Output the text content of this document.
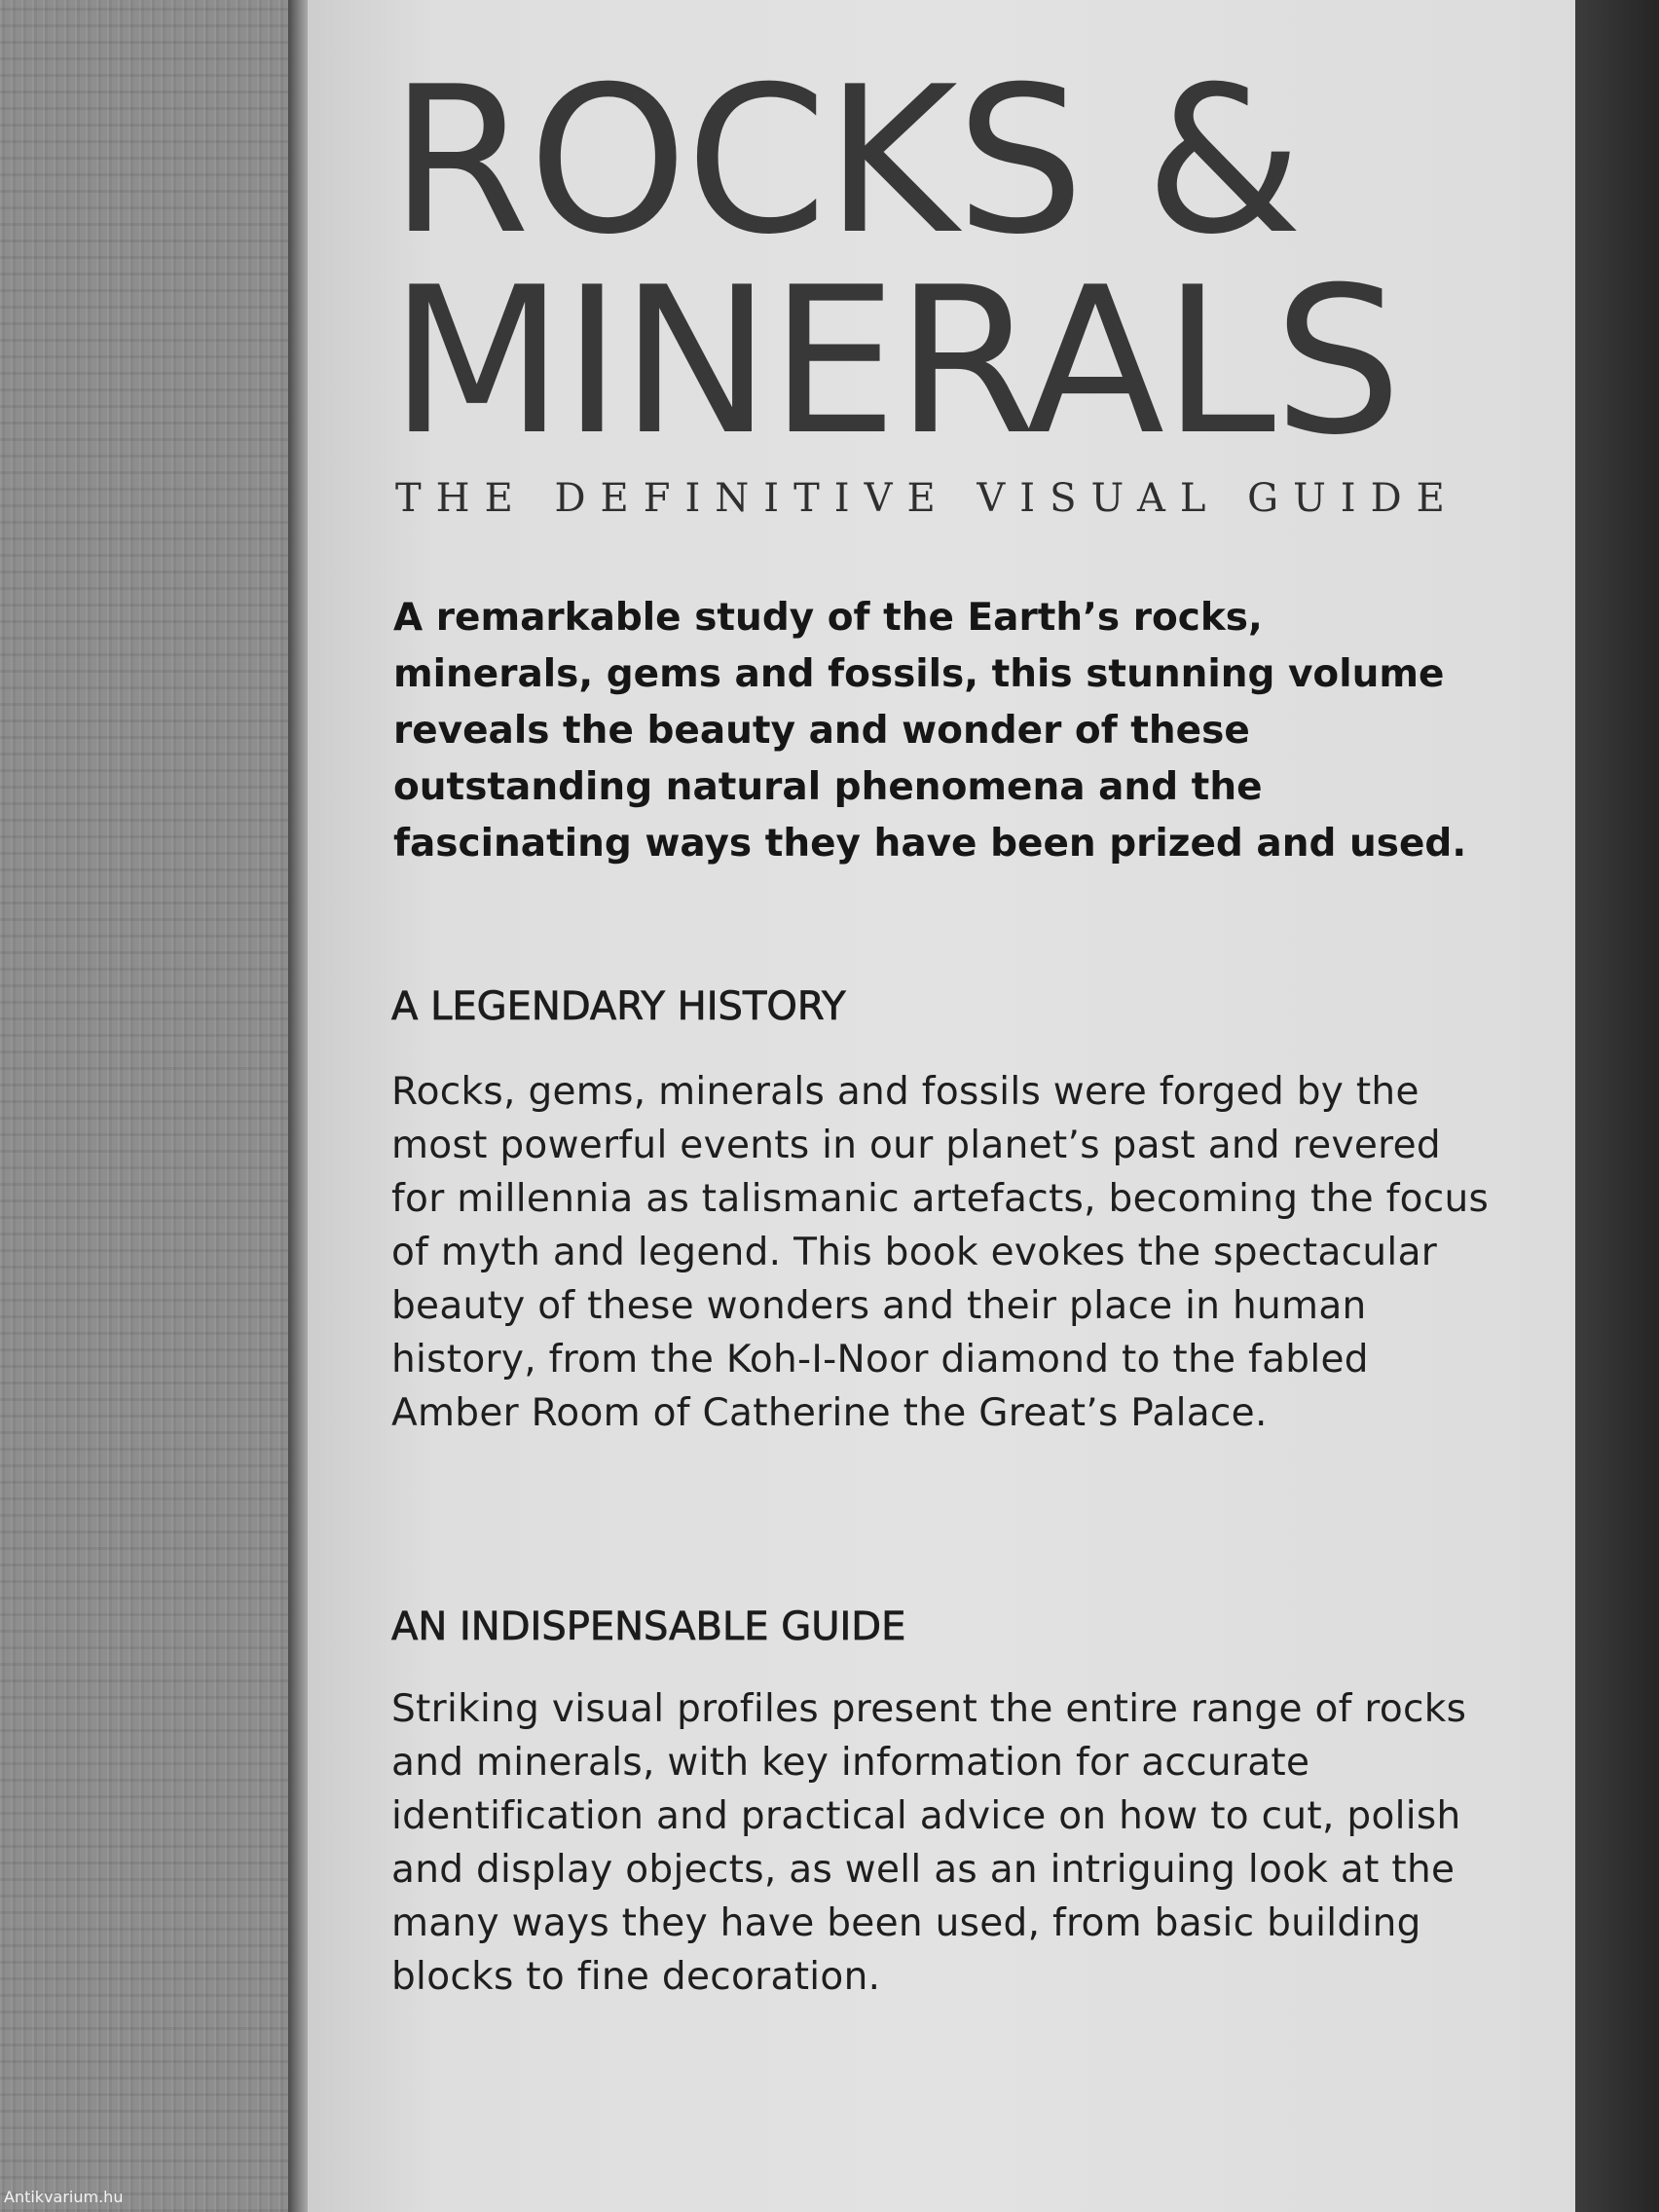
ROCKS &
MINERALS

THE DEFINITIVE VISUAL GUIDE

A remarkable study of the Earth’s rocks, minerals, gems and fossils, this stunning volume reveals the beauty and wonder of these outstanding natural phenomena and the fascinating ways they have been prized and used.

A LEGENDARY HISTORY

Rocks, gems, minerals and fossils were forged by the most powerful events in our planet’s past and revered for millennia as talismanic artefacts, becoming the focus of myth and legend. This book evokes the spectacular beauty of these wonders and their place in human history, from the Koh-I-Noor diamond to the fabled Amber Room of Catherine the Great’s Palace.

AN INDISPENSABLE GUIDE

Striking visual profiles present the entire range of rocks and minerals, with key information for accurate identification and practical advice on how to cut, polish and display objects, as well as an intriguing look at the many ways they have been used, from basic building blocks to fine decoration.

Antikvarium.hu
